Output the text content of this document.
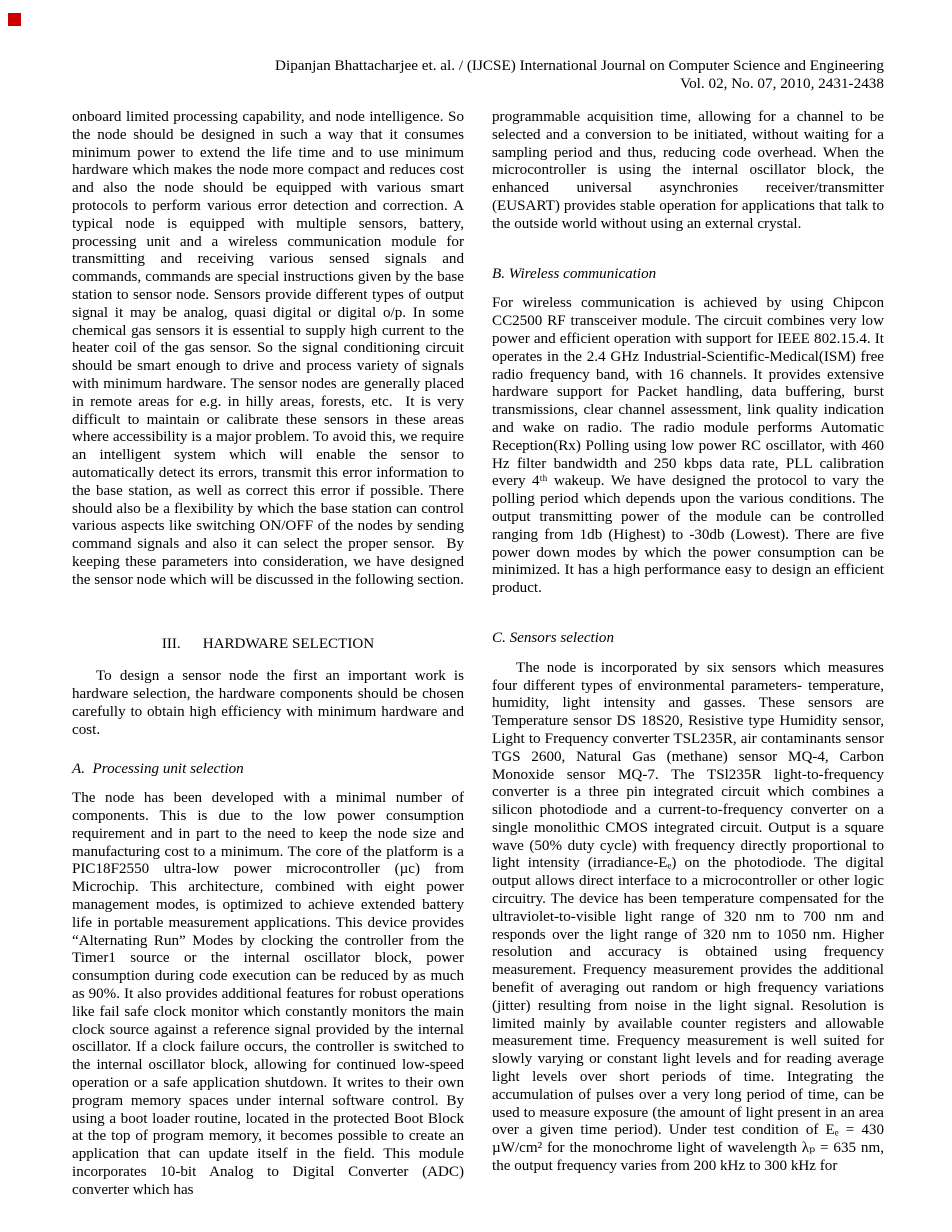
Dipanjan Bhattacharjee et. al. / (IJCSE) International Journal on Computer Science and Engineering
Vol. 02, No. 07, 2010, 2431-2438

onboard limited processing capability, and node intelligence. So the node should be designed in such a way that it consumes minimum power to extend the life time and to use minimum hardware which makes the node more compact and reduces cost and also the node should be equipped with various smart protocols to perform various error detection and correction. A typical node is equipped with multiple sensors, battery, processing unit and a wireless communication module for transmitting and receiving various sensed signals and commands, commands are special instructions given by the base station to sensor node. Sensors provide different types of output signal it may be analog, quasi digital or digital o/p. In some chemical gas sensors it is essential to supply high current to the heater coil of the gas sensor. So the signal conditioning circuit should be smart enough to drive and process variety of signals with minimum hardware. The sensor nodes are generally placed in remote areas for e.g. in hilly areas, forests, etc.  It is very difficult to maintain or calibrate these sensors in these areas where accessibility is a major problem. To avoid this, we require an intelligent system which will enable the sensor to automatically detect its errors, transmit this error information to the base station, as well as correct this error if possible. There should also be a flexibility by which the base station can control various aspects like switching ON/OFF of the nodes by sending command signals and also it can select the proper sensor.  By keeping these parameters into consideration, we have designed the sensor node which will be discussed in the following section.

III. HARDWARE SELECTION

To design a sensor node the first an important work is hardware selection, the hardware components should be chosen carefully to obtain high efficiency with minimum hardware and cost.

A.  Processing unit selection

The node has been developed with a minimal number of components. This is due to the low power consumption requirement and in part to the need to keep the node size and manufacturing cost to a minimum. The core of the platform is a PIC18F2550 ultra-low power microcontroller (µc) from Microchip. This architecture, combined with eight power management modes, is optimized to achieve extended battery life in portable measurement applications. This device provides “Alternating Run” Modes by clocking the controller from the Timer1 source or the internal oscillator block, power consumption during code execution can be reduced by as much as 90%. It also provides additional features for robust operations like fail safe clock monitor which constantly monitors the main clock source against a reference signal provided by the internal oscillator. If a clock failure occurs, the controller is switched to the internal oscillator block, allowing for continued low-speed operation or a safe application shutdown. It writes to their own program memory spaces under internal software control. By using a boot loader routine, located in the protected Boot Block at the top of program memory, it becomes possible to create an application that can update itself in the field. This module incorporates 10-bit Analog to Digital Converter (ADC) converter which has

programmable acquisition time, allowing for a channel to be selected and a conversion to be initiated, without waiting for a sampling period and thus, reducing code overhead. When the microcontroller is using the internal oscillator block, the enhanced universal asynchronies receiver/transmitter (EUSART) provides stable operation for applications that talk to the outside world without using an external crystal.

B. Wireless communication

For wireless communication is achieved by using Chipcon CC2500 RF transceiver module. The circuit combines very low power and efficient operation with support for IEEE 802.15.4. It operates in the 2.4 GHz Industrial-Scientific-Medical(ISM) free radio frequency band, with 16 channels. It provides extensive hardware support for Packet handling, data buffering, burst transmissions, clear channel assessment, link quality indication and wake on radio. The radio module performs Automatic Reception(Rx) Polling using low power RC oscillator, with 460 Hz filter bandwidth and 250 kbps data rate, PLL calibration every 4ᵗʰ wakeup. We have designed the protocol to vary the polling period which depends upon the various conditions. The output transmitting power of the module can be controlled ranging from 1db (Highest) to -30db (Lowest). There are five power down modes by which the power consumption can be minimized. It has a high performance easy to design an efficient product.

C. Sensors selection

The node is incorporated by six sensors which measures four different types of environmental parameters- temperature, humidity, light intensity and gasses. These sensors are Temperature sensor DS 18S20, Resistive type Humidity sensor, Light to Frequency converter TSL235R, air contaminants sensor TGS 2600, Natural Gas (methane) sensor MQ-4, Carbon Monoxide sensor MQ-7. The TSl235R light-to-frequency converter is a three pin integrated circuit which combines a silicon photodiode and a current-to-frequency converter on a single monolithic CMOS integrated circuit. Output is a square wave (50% duty cycle) with frequency directly proportional to light intensity (irradiance-Eₑ) on the photodiode. The digital output allows direct interface to a microcontroller or other logic circuitry. The device has been temperature compensated for the ultraviolet-to-visible light range of 320 nm to 700 nm and responds over the light range of 320 nm to 1050 nm. Higher resolution and accuracy is obtained using frequency measurement. Frequency measurement provides the additional benefit of averaging out random or high frequency variations (jitter) resulting from noise in the light signal. Resolution is limited mainly by available counter registers and allowable measurement time. Frequency measurement is well suited for slowly varying or constant light levels and for reading average light levels over short periods of time. Integrating the accumulation of pulses over a very long period of time, can be used to measure exposure (the amount of light present in an area over a given time period). Under test condition of Eₑ = 430 µW/cm² for the monochrome light of wavelength λₚ = 635 nm, the output frequency varies from 200 kHz to 300 kHz for
